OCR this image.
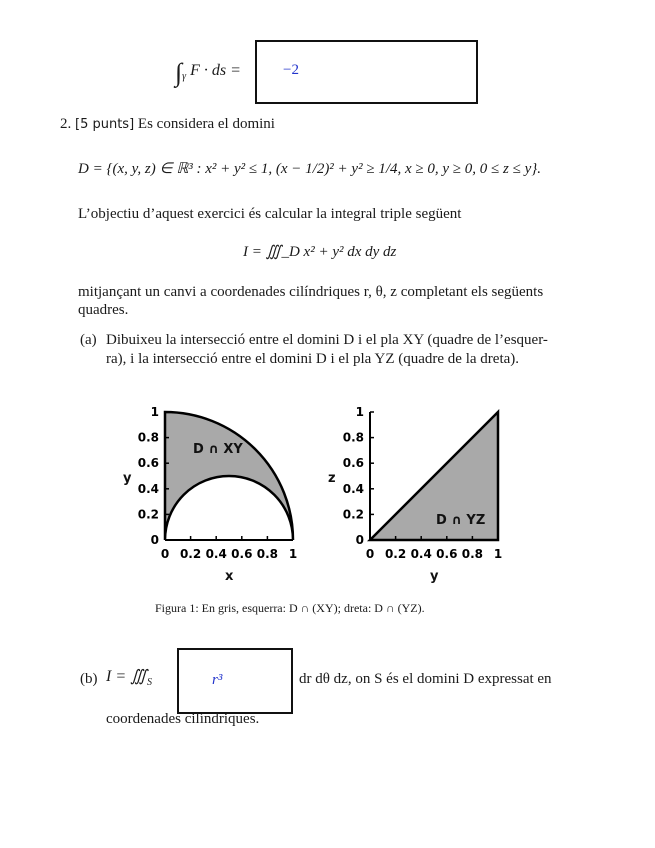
$\int_\gamma$ F · ds =	−2
2. [5 punts] Es considera el domini
D = {(x, y, z) ∈ ℝ³ : x² + y² ≤ 1, (x − 1/2)² + y² ≥ 1/4, x ≥ 0, y ≥ 0, 0 ≤ z ≤ y}.
L’objectiu d’aquest exercici és calcular la integral triple següent
I = ∭_D x² + y² dx dy dz
mitjançant un canvi a coordenades cilíndriques r, θ, z completant els següents
quadres.
(a) Dibuixeu la intersecció entre el domini D i el pla XY (quadre de l’esquer-
ra), i la intersecció entre el domini D i el pla YZ (quadre de la dreta).
D ∩ XY
x
y
0 0.2 0.4 0.6 0.8 1
0
0.2
0.4
0.6
0.8
1
D ∩ YZ
y
z
0 0.2 0.4 0.6 0.8 1
0
0.2
0.4
0.6
0.8
1
Figura 1: En gris, esquerra: D ∩ (XY); dreta: D ∩ (YZ).
(b) $I = ∭_S$	r³	dr dθ dz, on S és el domini D expressat en
coordenades cilíndriques.
